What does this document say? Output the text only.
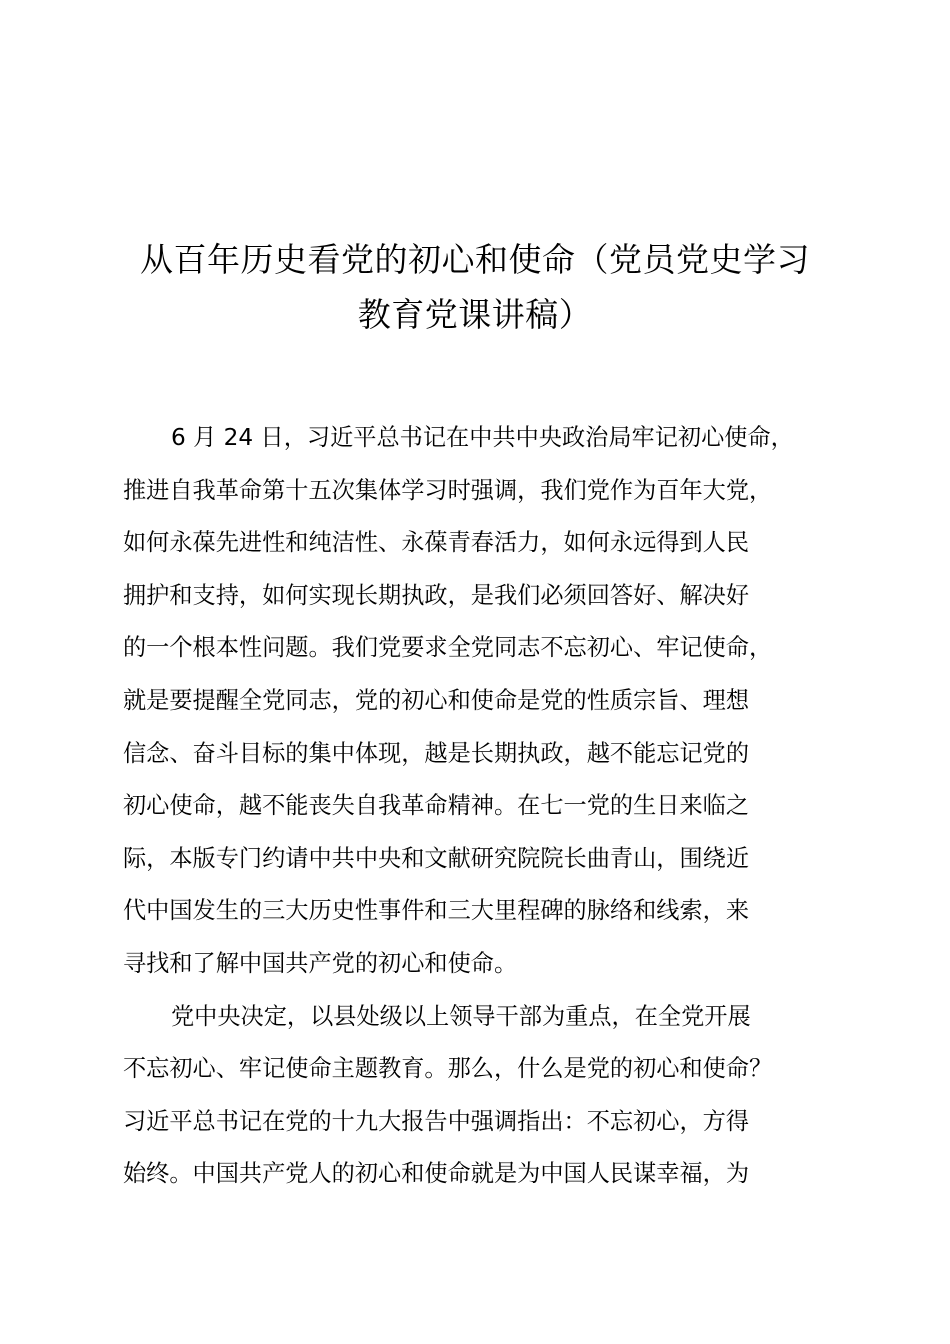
从百年历史看党的初心和使命（党员党史学习
教育党课讲稿）
6 月 24 日，习近平总书记在中共中央政治局牢记初心使命，
推进自我革命第十五次集体学习时强调，我们党作为百年大党，
如何永葆先进性和纯洁性、永葆青春活力，如何永远得到人民
拥护和支持，如何实现长期执政，是我们必须回答好、解决好
的一个根本性问题。我们党要求全党同志不忘初心、牢记使命，
就是要提醒全党同志，党的初心和使命是党的性质宗旨、理想
信念、奋斗目标的集中体现，越是长期执政，越不能忘记党的
初心使命，越不能丧失自我革命精神。在七一党的生日来临之
际，本版专门约请中共中央和文献研究院院长曲青山，围绕近
代中国发生的三大历史性事件和三大里程碑的脉络和线索，来
寻找和了解中国共产党的初心和使命。
党中央决定，以县处级以上领导干部为重点，在全党开展
不忘初心、牢记使命主题教育。那么，什么是党的初心和使命？
习近平总书记在党的十九大报告中强调指出：不忘初心，方得
始终。中国共产党人的初心和使命就是为中国人民谋幸福，为
